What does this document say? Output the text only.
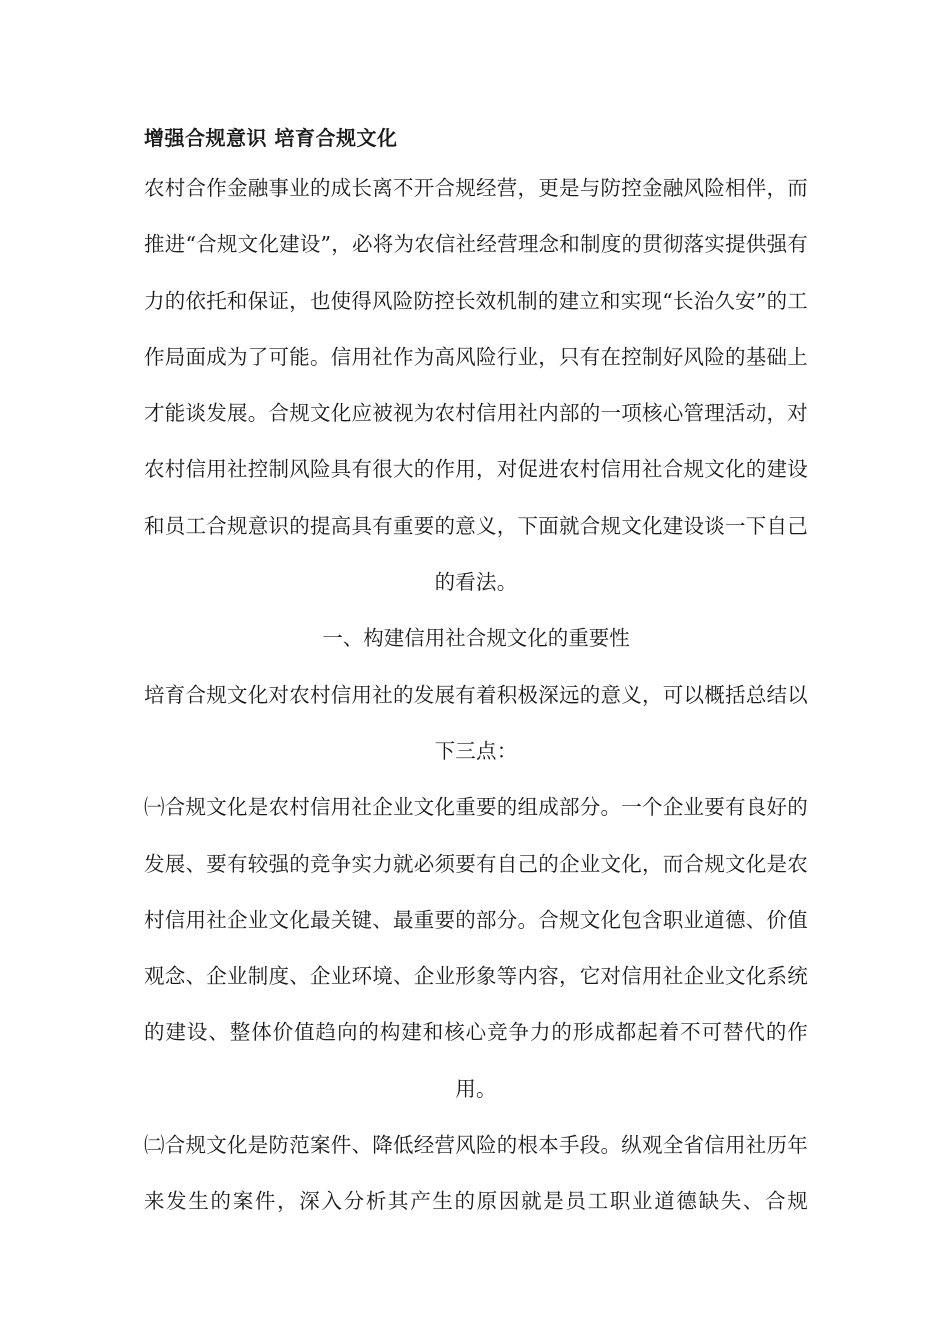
增强合规意识 培育合规文化

农村合作金融事业的成长离不开合规经营，更是与防控金融风险相伴，而推进“合规文化建设”，必将为农信社经营理念和制度的贯彻落实提供强有力的依托和保证，也使得风险防控长效机制的建立和实现“长治久安”的工作局面成为了可能。信用社作为高风险行业，只有在控制好风险的基础上才能谈发展。合规文化应被视为农村信用社内部的一项核心管理活动，对农村信用社控制风险具有很大的作用，对促进农村信用社合规文化的建设和员工合规意识的提高具有重要的意义，下面就合规文化建设谈一下自己的看法。

一、构建信用社合规文化的重要性

培育合规文化对农村信用社的发展有着积极深远的意义，可以概括总结以下三点：

㈠合规文化是农村信用社企业文化重要的组成部分。一个企业要有良好的发展、要有较强的竞争实力就必须要有自己的企业文化，而合规文化是农村信用社企业文化最关键、最重要的部分。合规文化包含职业道德、价值观念、企业制度、企业环境、企业形象等内容，它对信用社企业文化系统的建设、整体价值趋向的构建和核心竞争力的形成都起着不可替代的作用。

㈡合规文化是防范案件、降低经营风险的根本手段。纵观全省信用社历年来发生的案件，深入分析其产生的原因就是员工职业道德缺失、合规
